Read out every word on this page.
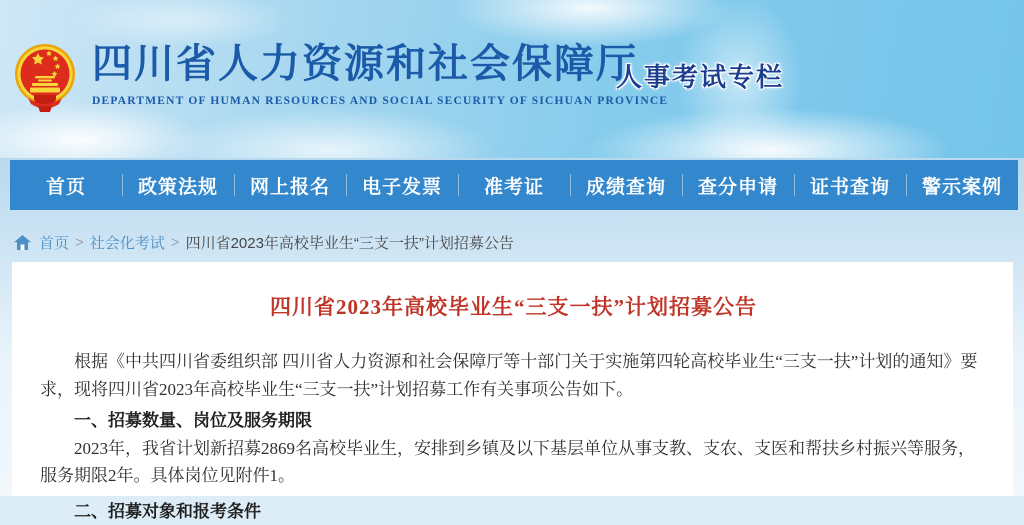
四川省人力资源和社会保障厅
DEPARTMENT OF HUMAN RESOURCES AND SOCIAL SECURITY OF SICHUAN PROVINCE
人事考试专栏
首页	政策法规	网上报名	电子发票	准考证	成绩查询	查分申请	证书查询	警示案例
首页 > 社会化考试 > 四川省2023年高校毕业生“三支一扶”计划招募公告
四川省2023年高校毕业生“三支一扶”计划招募公告

根据《中共四川省委组织部 四川省人力资源和社会保障厅等十部门关于实施第四轮高校毕业生“三支一扶”计划的通知》要求，现将四川省2023年高校毕业生“三支一扶”计划招募工作有关事项公告如下。

一、招募数量、岗位及服务期限

2023年，我省计划新招募2869名高校毕业生，安排到乡镇及以下基层单位从事支教、支农、支医和帮扶乡村振兴等服务，服务期限2年。具体岗位见附件1。

二、招募对象和报考条件
